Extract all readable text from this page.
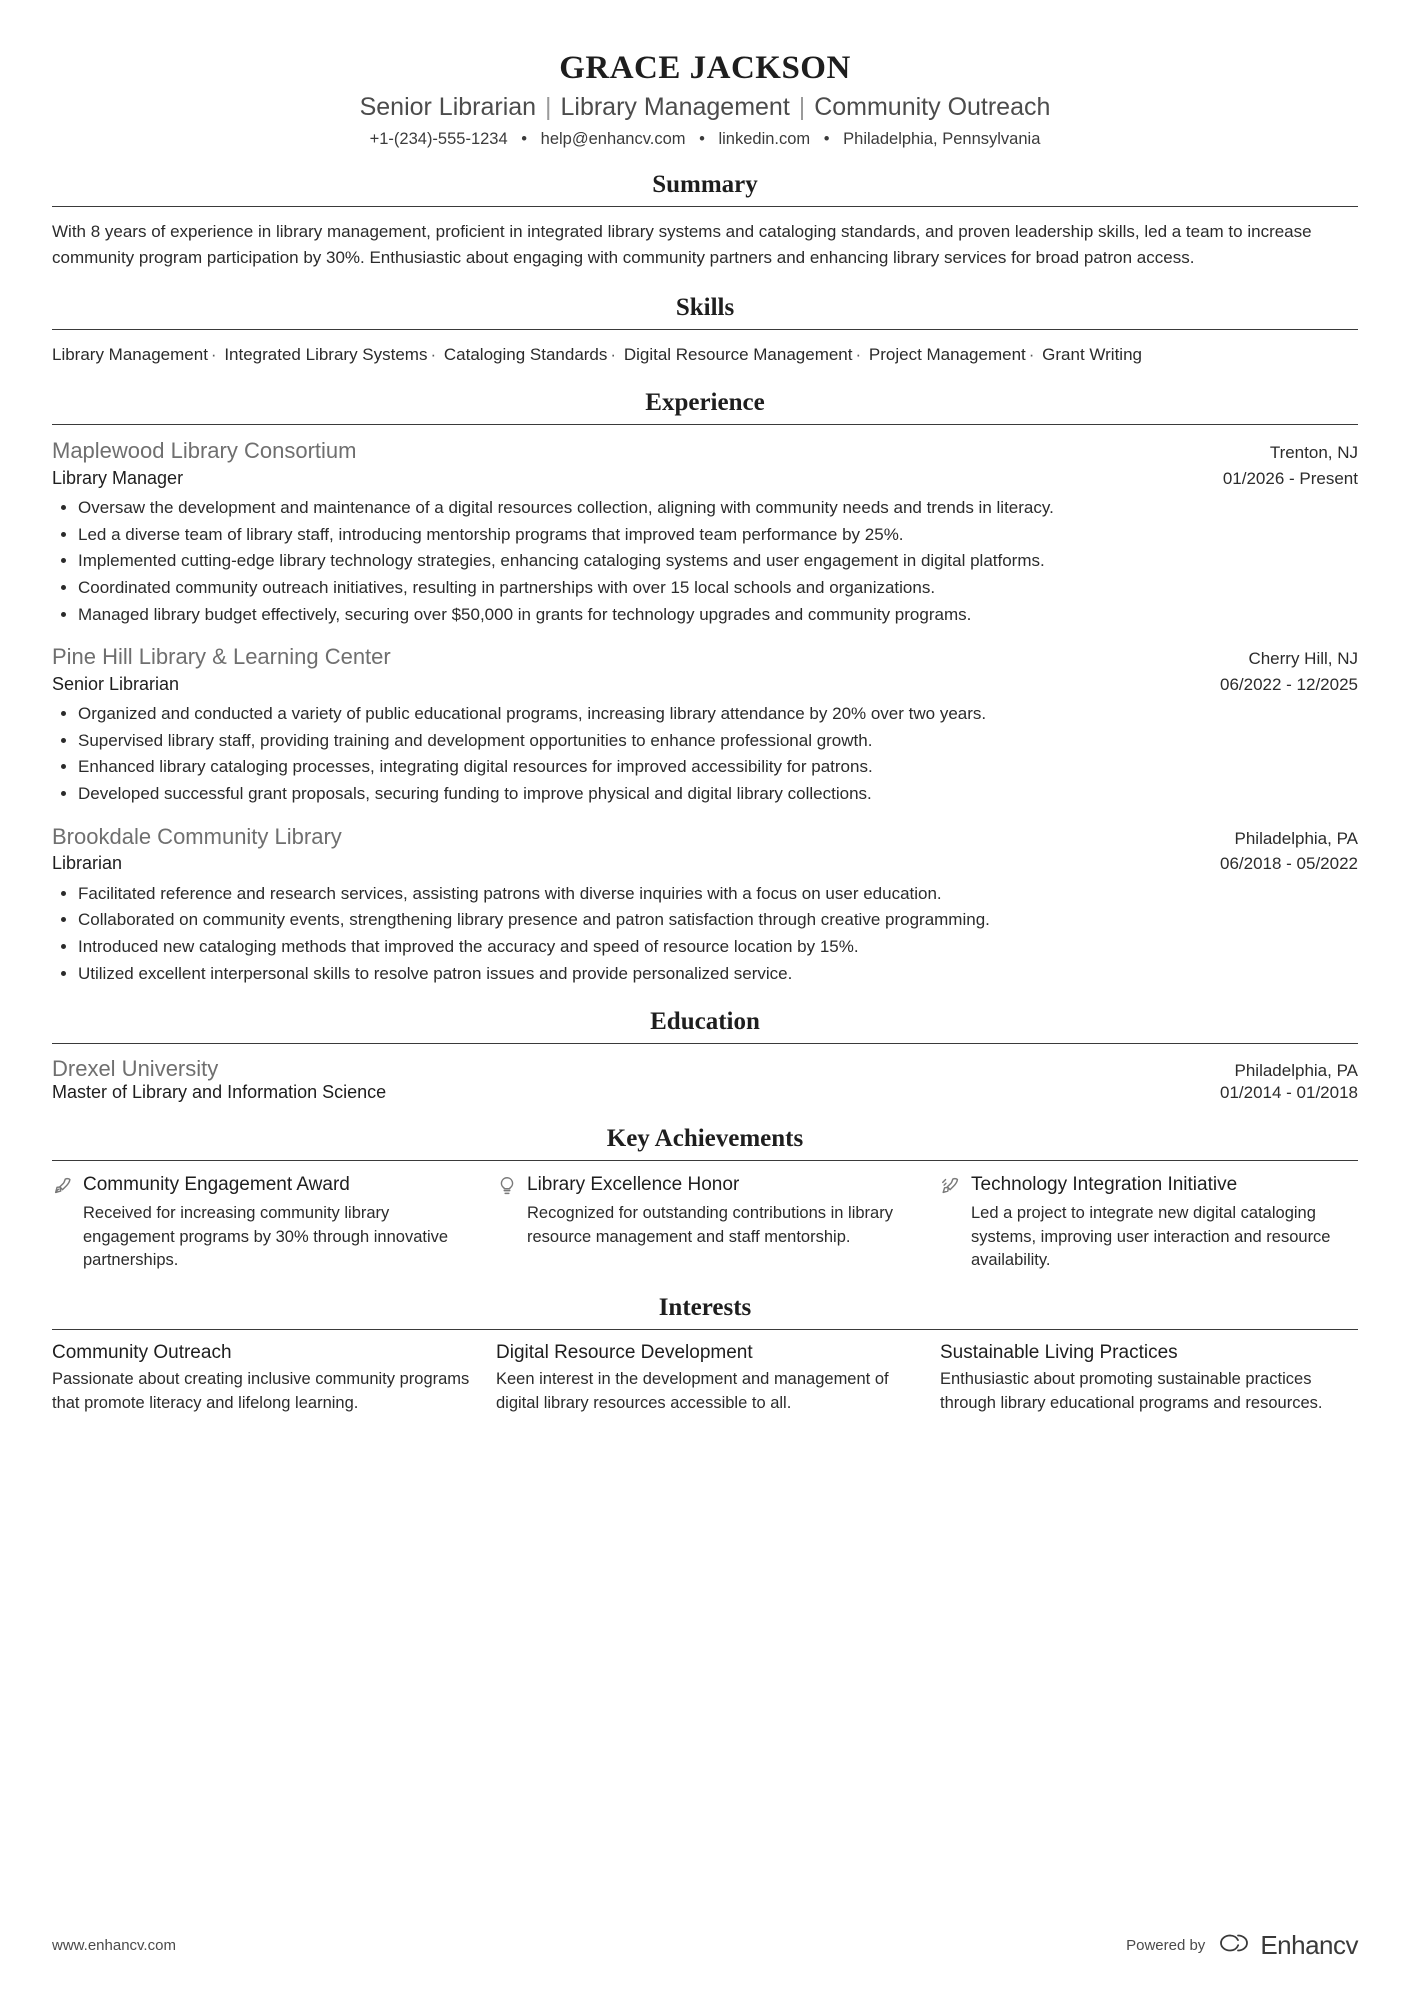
GRACE JACKSON
Senior Librarian | Library Management | Community Outreach
+1-(234)-555-1234 • help@enhancv.com • linkedin.com • Philadelphia, Pennsylvania
Summary
With 8 years of experience in library management, proficient in integrated library systems and cataloging standards, and proven leadership skills, led a team to increase community program participation by 30%. Enthusiastic about engaging with community partners and enhancing library services for broad patron access.
Skills
Library Management · Integrated Library Systems · Cataloging Standards · Digital Resource Management · Project Management · Grant Writing
Experience
Maplewood Library Consortium	Trenton, NJ
Library Manager	01/2026 - Present
• Oversaw the development and maintenance of a digital resources collection, aligning with community needs and trends in literacy.
• Led a diverse team of library staff, introducing mentorship programs that improved team performance by 25%.
• Implemented cutting-edge library technology strategies, enhancing cataloging systems and user engagement in digital platforms.
• Coordinated community outreach initiatives, resulting in partnerships with over 15 local schools and organizations.
• Managed library budget effectively, securing over $50,000 in grants for technology upgrades and community programs.
Pine Hill Library & Learning Center	Cherry Hill, NJ
Senior Librarian	06/2022 - 12/2025
• Organized and conducted a variety of public educational programs, increasing library attendance by 20% over two years.
• Supervised library staff, providing training and development opportunities to enhance professional growth.
• Enhanced library cataloging processes, integrating digital resources for improved accessibility for patrons.
• Developed successful grant proposals, securing funding to improve physical and digital library collections.
Brookdale Community Library	Philadelphia, PA
Librarian	06/2018 - 05/2022
• Facilitated reference and research services, assisting patrons with diverse inquiries with a focus on user education.
• Collaborated on community events, strengthening library presence and patron satisfaction through creative programming.
• Introduced new cataloging methods that improved the accuracy and speed of resource location by 15%.
• Utilized excellent interpersonal skills to resolve patron issues and provide personalized service.
Education
Drexel University	Philadelphia, PA
Master of Library and Information Science	01/2014 - 01/2018
Key Achievements
Community Engagement Award
Received for increasing community library engagement programs by 30% through innovative partnerships.
Library Excellence Honor
Recognized for outstanding contributions in library resource management and staff mentorship.
Technology Integration Initiative
Led a project to integrate new digital cataloging systems, improving user interaction and resource availability.
Interests
Community Outreach
Passionate about creating inclusive community programs that promote literacy and lifelong learning.
Digital Resource Development
Keen interest in the development and management of digital library resources accessible to all.
Sustainable Living Practices
Enthusiastic about promoting sustainable practices through library educational programs and resources.
www.enhancv.com	Powered by Enhancv
